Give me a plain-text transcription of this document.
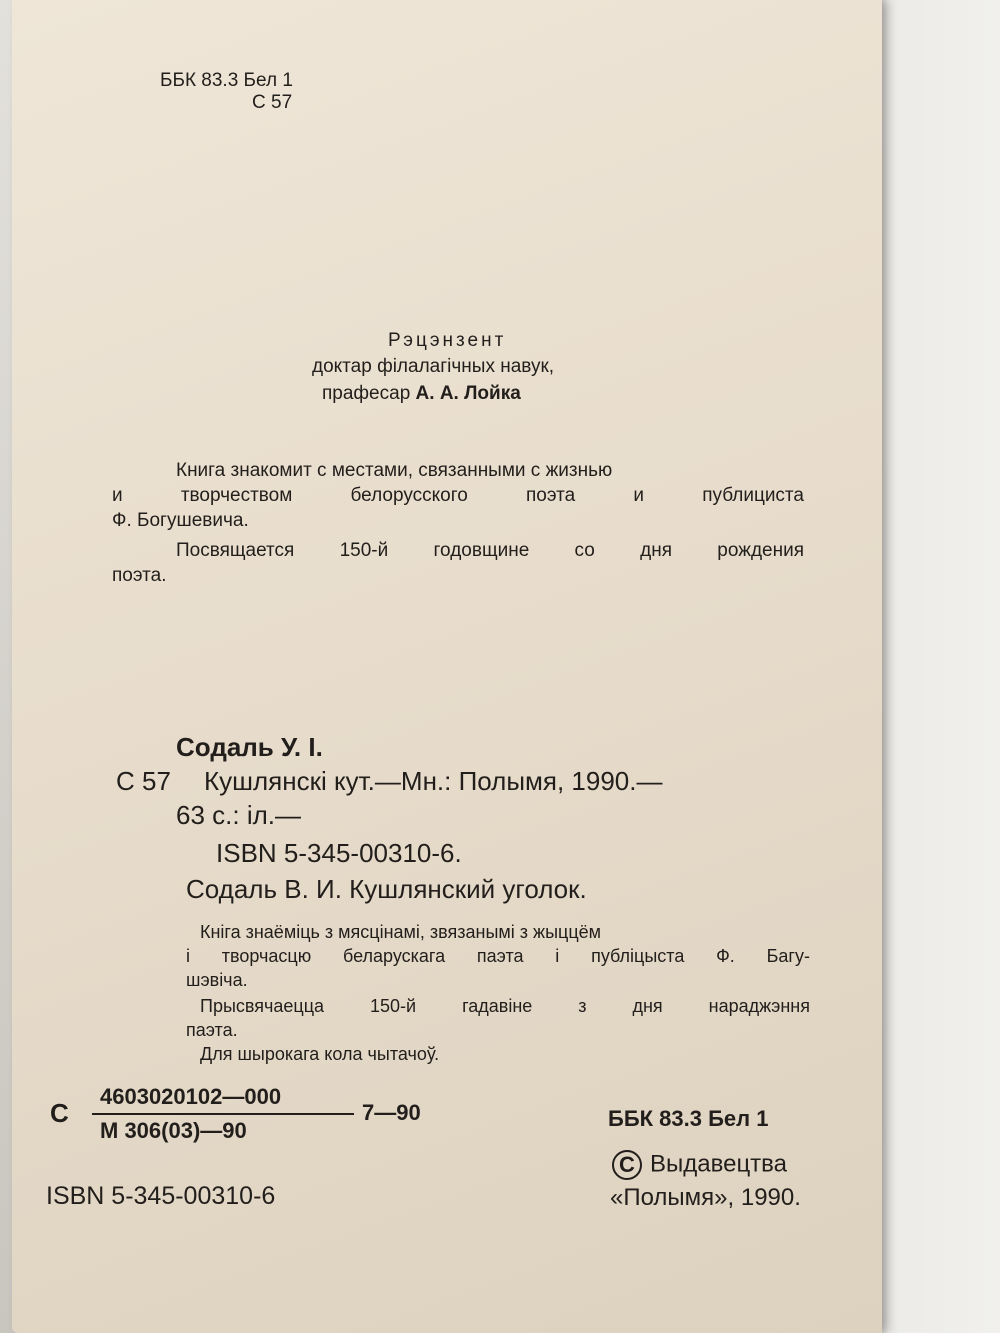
ББК 83.3 Бел 1
С 57
Рэцэнзент
доктар філалагічных навук,
прафесар А. А. Лойка
Книга знакомит с местами, связанными с жизнью
и творчеством белорусского поэта и публициста
Ф. Богушевича.
Посвящается 150-й годовщине со дня рождения
поэта.
Содаль У. І.
С 57 Кушлянскі кут.—Мн.: Полымя, 1990.—
63 с.: іл.—
ISBN 5-345-00310-6.
Содаль В. И. Кушлянский уголок.
Кніга знаёміць з мясцінамі, звязанымі з жыццём
і творчасцю беларускага паэта і публіцыста Ф. Багу-
шэвіча.
Прысвячаецца 150-й гадавіне з дня нараджэння
паэта.
Для шырокага кола чытачоў.
С
4603020102—000
М 306(03)—90
7—90	ББК 83.3 Бел 1
ISBN 5-345-00310-6
С Выдавецтва
«Полымя», 1990.
